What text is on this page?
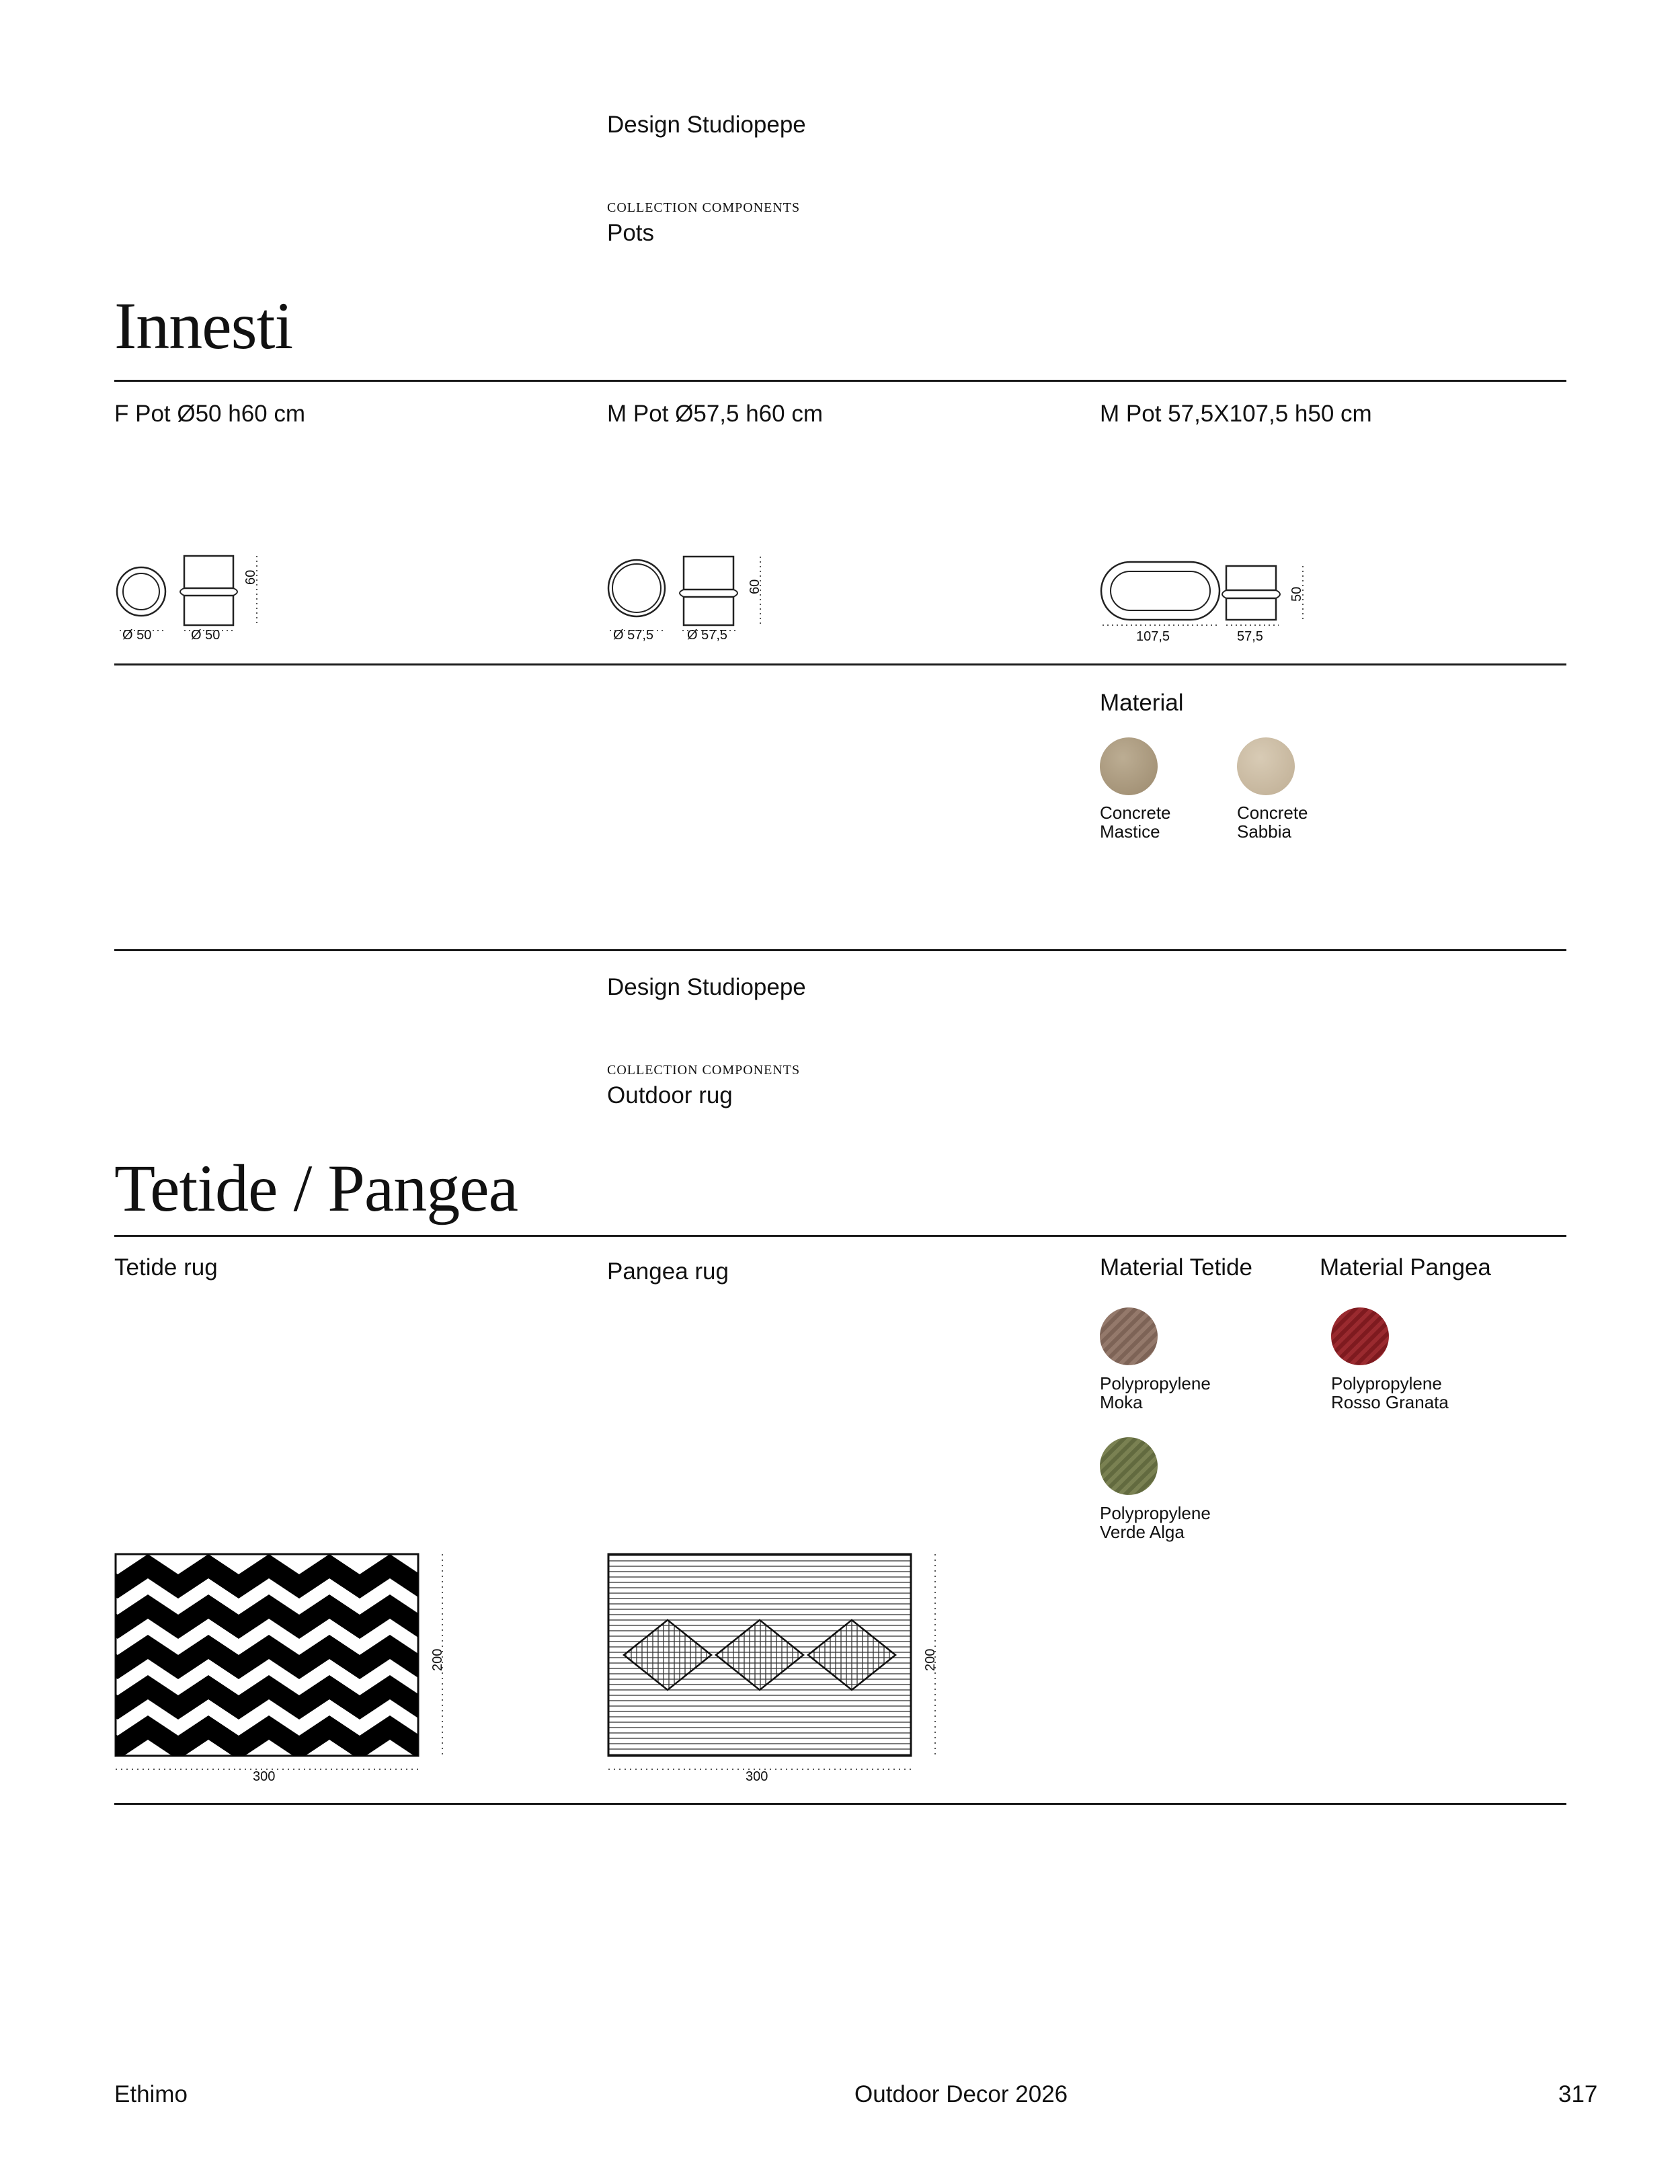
Design Studiopepe
COLLECTION COMPONENTS
Pots
Innesti
F Pot Ø50 h60 cm	M Pot Ø57,5 h60 cm	M Pot 57,5X107,5 h50 cm
Ø 50	Ø 50
60
Ø 57,5 Ø 57,5
60
107,5	57,5
50
Material
Concrete
Mastice
Concrete
Sabbia
Design Studiopepe
COLLECTION COMPONENTS
Outdoor rug
Tetide / Pangea
Tetide rug	Pangea rug	Material Tetide	Material Pangea
Polypropylene
Moka
Polypropylene
Verde Alga
Polypropylene
Rosso Granata
300
200
300
200
Ethimo	Outdoor Decor 2026	317
